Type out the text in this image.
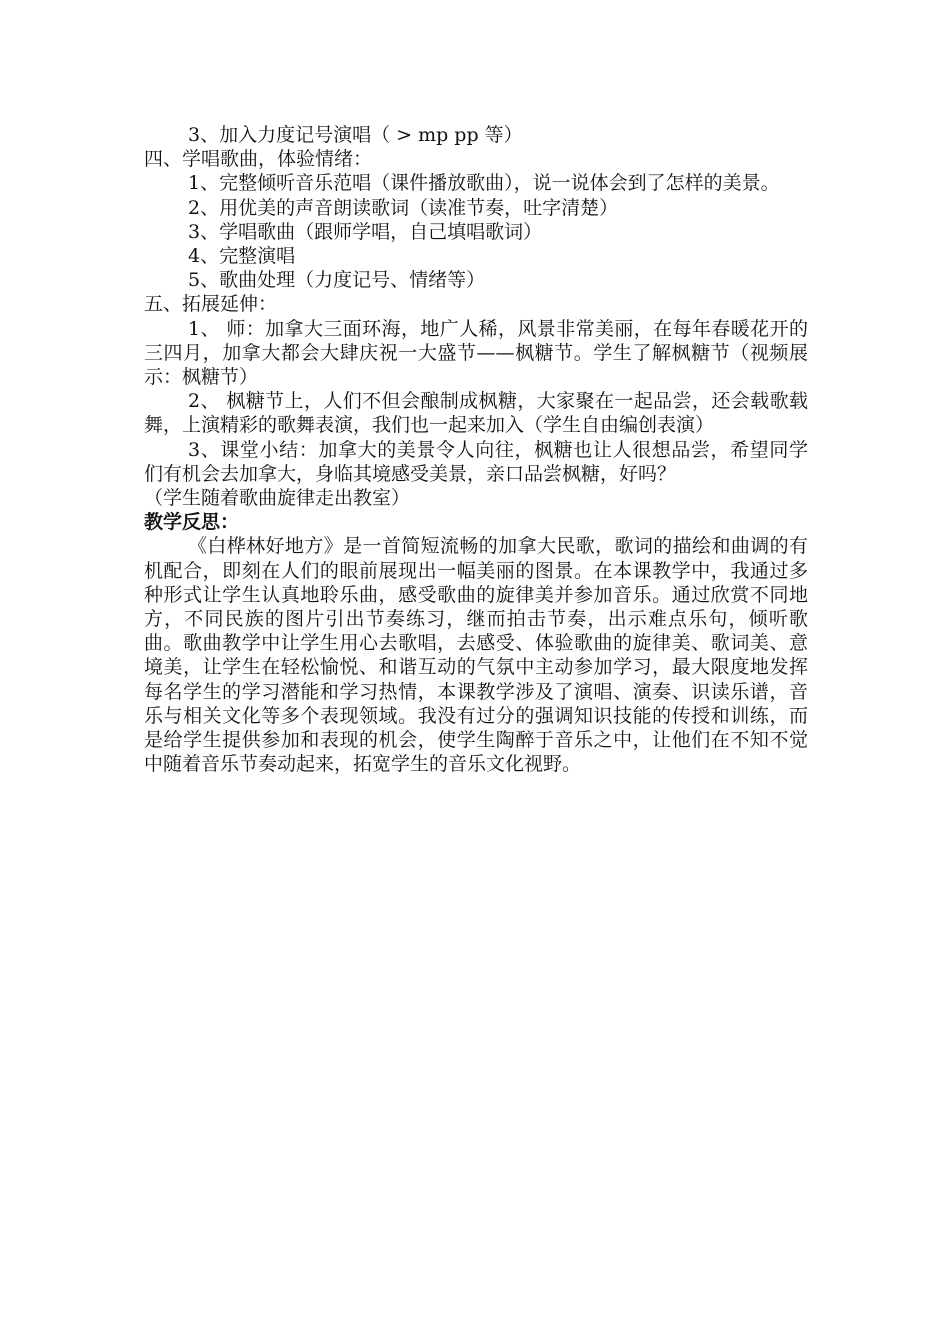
3、加入力度记号演唱（ > mp pp 等）

四、学唱歌曲，体验情绪：

1、完整倾听音乐范唱（课件播放歌曲），说一说体会到了怎样的美景。

2、用优美的声音朗读歌词（读准节奏，吐字清楚）

3、学唱歌曲（跟师学唱，自己填唱歌词）

4、完整演唱

5、歌曲处理（力度记号、情绪等）

五、拓展延伸：

1、 师：加拿大三面环海，地广人稀，风景非常美丽，在每年春暖花开的三四月，加拿大都会大肆庆祝一大盛节——枫糖节。学生了解枫糖节（视频展示：枫糖节）

2、 枫糖节上，人们不但会酿制成枫糖，大家聚在一起品尝，还会载歌载舞，上演精彩的歌舞表演，我们也一起来加入（学生自由编创表演）

3、课堂小结：加拿大的美景令人向往，枫糖也让人很想品尝，希望同学们有机会去加拿大，身临其境感受美景，亲口品尝枫糖，好吗？

（学生随着歌曲旋律走出教室）

教学反思：

《白桦林好地方》是一首简短流畅的加拿大民歌，歌词的描绘和曲调的有机配合，即刻在人们的眼前展现出一幅美丽的图景。在本课教学中，我通过多种形式让学生认真地聆乐曲，感受歌曲的旋律美并参加音乐。通过欣赏不同地方，不同民族的图片引出节奏练习，继而拍击节奏，出示难点乐句，倾听歌曲。歌曲教学中让学生用心去歌唱，去感受、体验歌曲的旋律美、歌词美、意境美，让学生在轻松愉悦、和谐互动的气氛中主动参加学习，最大限度地发挥每名学生的学习潜能和学习热情，本课教学涉及了演唱、演奏、识读乐谱，音乐与相关文化等多个表现领域。我没有过分的强调知识技能的传授和训练，而是给学生提供参加和表现的机会，使学生陶醉于音乐之中，让他们在不知不觉中随着音乐节奏动起来，拓宽学生的音乐文化视野。
